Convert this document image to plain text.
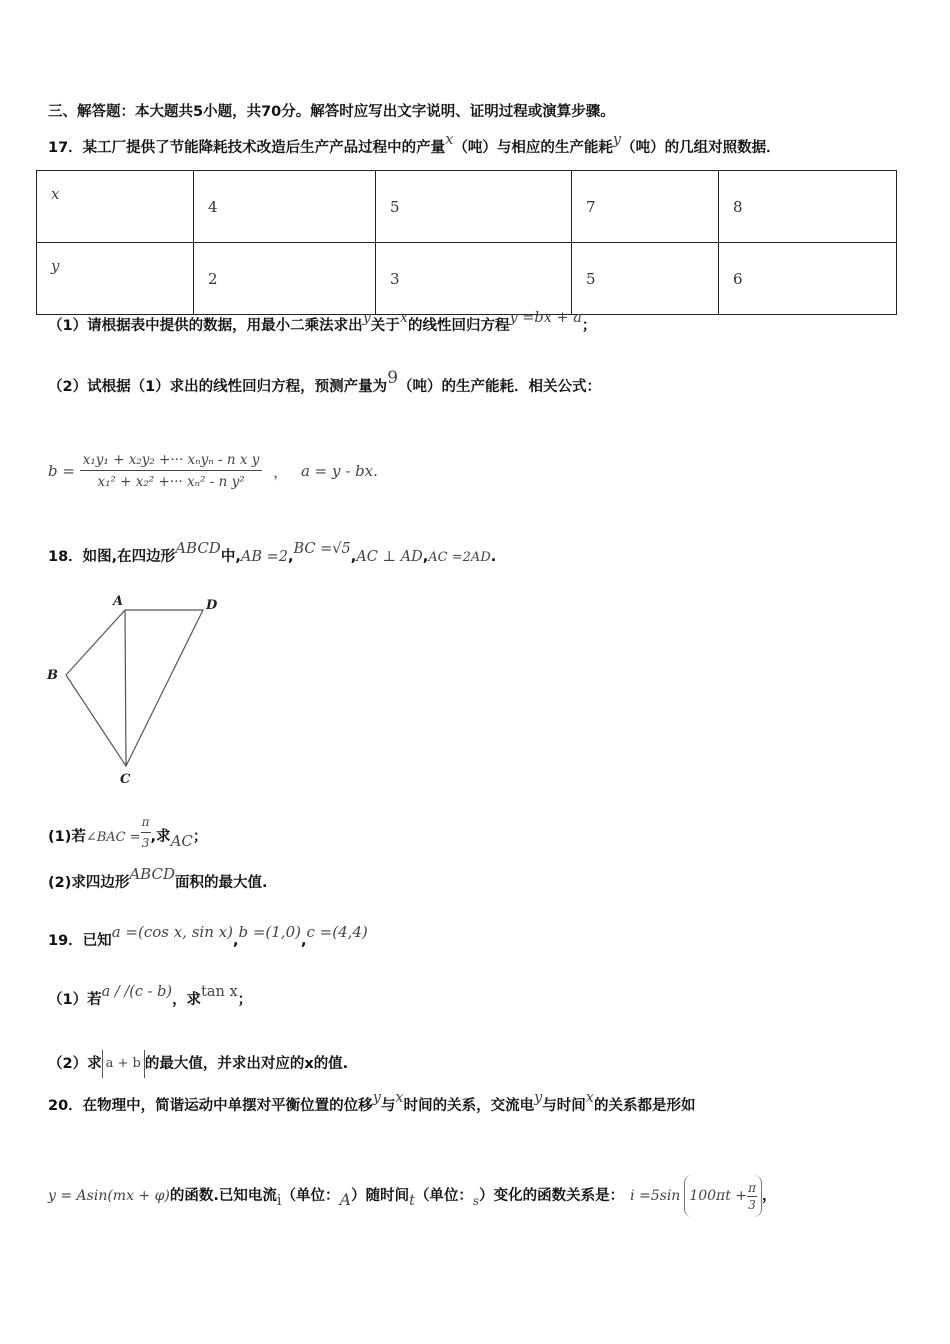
三、解答题：本大题共5小题，共70分。解答时应写出文字说明、证明过程或演算步骤。
17．某工厂提供了节能降耗技术改造后生产产品过程中的产量x（吨）与相应的生产能耗y（吨）的几组对照数据．
x	4	5	7	8
y	2	3	5	6
（1）请根据表中提供的数据，用最小二乘法求出y关于x的线性回归方程y =bx + a；
（2）试根据（1）求出的线性回归方程，预测产量为9（吨）的生产能耗．相关公式：
$b = \frac{\text{x₁y₁ + x₂y₂ +··· xₙyₙ - n x y}}{\text{x₁² + x₂² +··· xₙ² - n y²}}$ ， a = y - bx.
18．如图,在四边形ABCD中,AB =2,BC =√5,AC ⊥ AD,AC =2AD.
A	D
B
C
(1)若∠BAC = $\frac{\pi}{3}$ ,求AC；
(2)求四边形ABCD面积的最大值.
19．已知a =(cos x, sin x),b =(1,0),c =(4,4)
（1）若a / /(c - b)，求tan x；
（2）求 a + b 的最大值，并求出对应的x的值.
20．在物理中，简谐运动中单摆对平衡位置的位移y与x时间的关系，交流电y与时间x的关系都是形如
y = Asin(mx + φ)的函数.已知电流i（单位：A）随时间t（单位：$_s$）变化的函数关系是： i =5sin $100\pi t + \frac{\pi}{3}$ ，
